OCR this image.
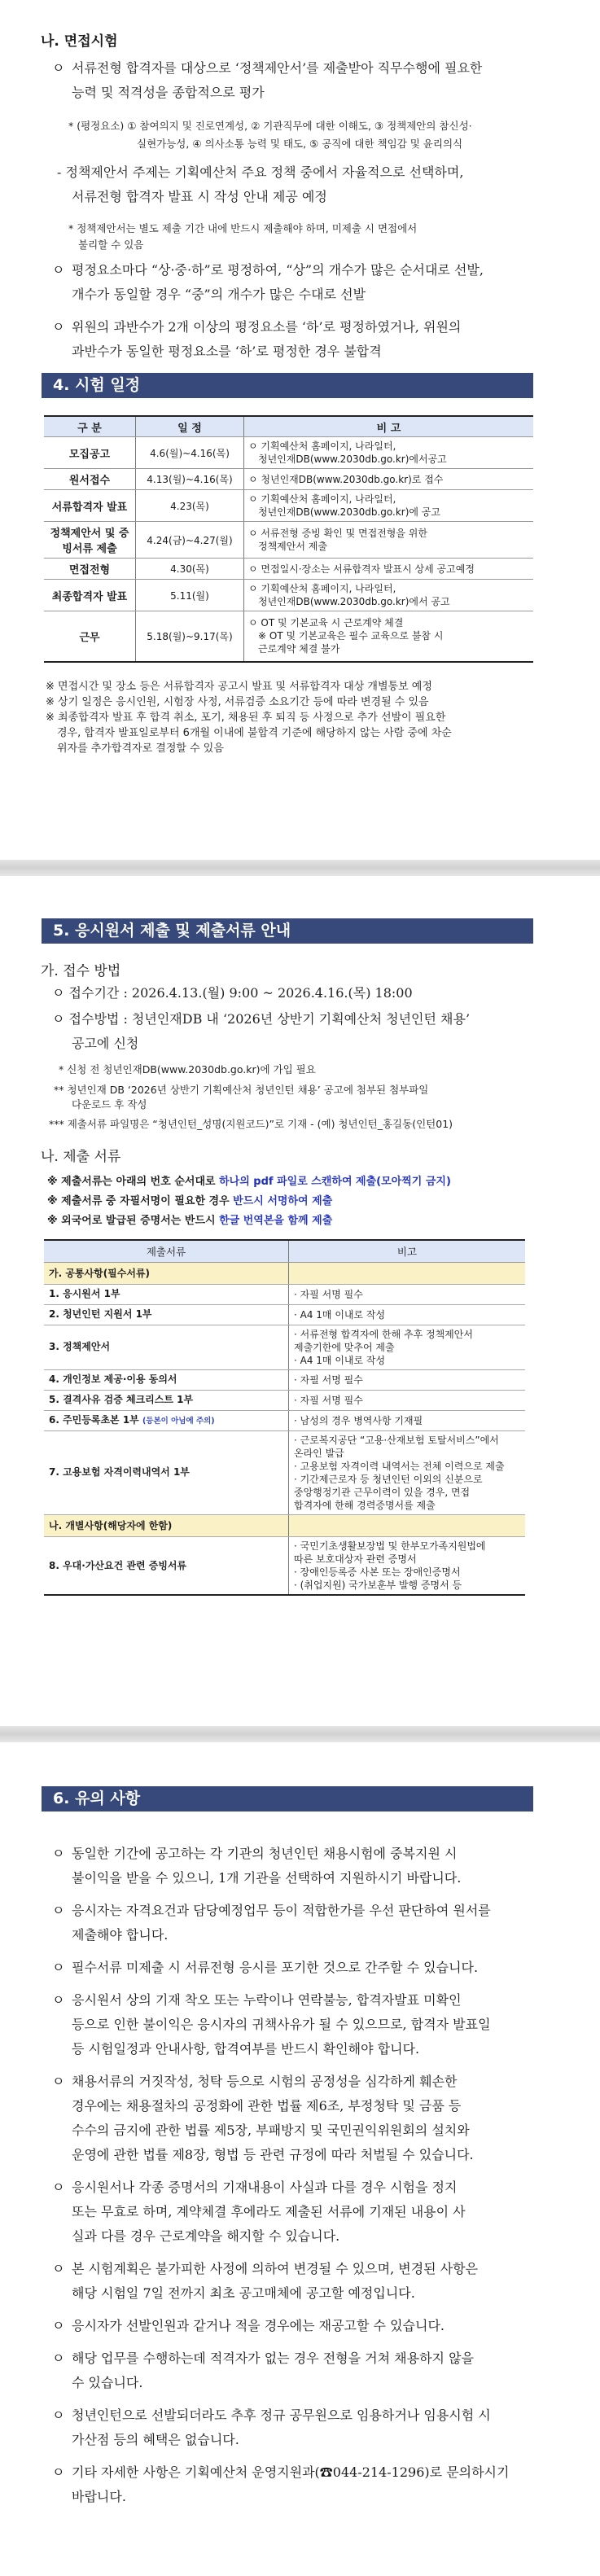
나. 면접시험
ㅇ 서류전형 합격자를 대상으로 ‘정책제안서’를 제출받아 직무수행에 필요한
능력 및 적격성을 종합적으로 평가
* (평정요소) ① 참여의지 및 진로연계성, ② 기관직무에 대한 이해도, ③ 정책제안의 참신성·
실현가능성, ④ 의사소통 능력 및 태도, ⑤ 공직에 대한 책임감 및 윤리의식
- 정책제안서 주제는 기획예산처 주요 정책 중에서 자율적으로 선택하며,
서류전형 합격자 발표 시 작성 안내 제공 예정
* 정책제안서는 별도 제출 기간 내에 반드시 제출해야 하며, 미제출 시 면접에서
불리할 수 있음
ㅇ 평정요소마다 “상·중·하”로 평정하여, “상”의 개수가 많은 순서대로 선발,
개수가 동일할 경우 “중”의 개수가 많은 수대로 선발
ㅇ 위원의 과반수가 2개 이상의 평정요소를 ‘하’로 평정하였거나, 위원의
과반수가 동일한 평정요소를 ‘하’로 평정한 경우 불합격
4. 시험 일정
구 분	일 정	비 고
모집공고	4.6(월)~4.16(목)	ㅇ 기획예산처 홈페이지, 나라일터,
청년인재DB(www.2030db.go.kr)에서공고

원서접수	4.13(월)~4.16(목)	ㅇ 청년인재DB(www.2030db.go.kr)로 접수

서류합격자 발표	4.23(목)	ㅇ 기획예산처 홈페이지, 나라일터,
청년인재DB(www.2030db.go.kr)에 공고

정책제안서 및 증빙서류 제출	4.24(금)~4.27(월)	ㅇ 서류전형 증빙 확인 및 면접전형을 위한
정책제안서 제출

면접전형	4.30(목)	ㅇ 면접일시·장소는 서류합격자 발표시 상세 공고예정

최종합격자 발표	5.11(월)	ㅇ 기획예산처 홈페이지, 나라일터,
청년인재DB(www.2030db.go.kr)에서 공고

근무	5.18(월)~9.17(목)	ㅇ OT 및 기본교육 시 근로계약 체결
※ OT 및 기본교육은 필수 교육으로 불참 시
근로계약 체결 불가
※ 면접시간 및 장소 등은 서류합격자 공고시 발표 및 서류합격자 대상 개별통보 예정
※ 상기 일정은 응시인원, 시험장 사정, 서류검증 소요기간 등에 따라 변경될 수 있음
※ 최종합격자 발표 후 합격 취소, 포기, 채용된 후 퇴직 등 사정으로 추가 선발이 필요한
경우, 합격자 발표일로부터 6개월 이내에 불합격 기준에 해당하지 않는 사람 중에 차순
위자를 추가합격자로 결정할 수 있음
5. 응시원서 제출 및 제출서류 안내
가. 접수 방법
ㅇ 접수기간 : 2026.4.13.(월) 9:00 ~ 2026.4.16.(목) 18:00
ㅇ 접수방법 : 청년인재DB 내 ‘2026년 상반기 기획예산처 청년인턴 채용’
공고에 신청
* 신청 전 청년인재DB(www.2030db.go.kr)에 가입 필요
** 청년인재 DB ‘2026년 상반기 기획예산처 청년인턴 채용’ 공고에 첨부된 첨부파일
다운로드 후 작성
*** 제출서류 파일명은 “청년인턴_성명(지원코드)”로 기재 - (예) 청년인턴_홍길동(인턴01)
나. 제출 서류
※ 제출서류는 아래의 번호 순서대로 하나의 pdf 파일로 스캔하여 제출(모아찍기 금지)
※ 제출서류 중 자필서명이 필요한 경우 반드시 서명하여 제출
※ 외국어로 발급된 증명서는 반드시 한글 번역본을 함께 제출
제출서류	비고
가. 공통사항(필수서류)	
1. 응시원서 1부	· 자필 서명 필수

2. 청년인턴 지원서 1부	· A4 1매 이내로 작성

3. 정책제안서	· 서류전형 합격자에 한해 추후 정책제안서
제출기한에 맞추어 제출
· A4 1매 이내로 작성

4. 개인정보 제공·이용 동의서	· 자필 서명 필수

5. 결격사유 검증 체크리스트 1부	· 자필 서명 필수

6. 주민등록초본 1부 (등본이 아님에 주의)	· 남성의 경우 병역사항 기재필

7. 고용보험 자격이력내역서 1부	
· 근로복지공단 “고용·산재보험 토탈서비스”에서
온라인 발급
· 고용보험 자격이력 내역서는 전체 이력으로 제출
· 기간제근로자 등 청년인턴 이외의 신분으로
중앙행정기관 근무이력이 있을 경우, 면접
합격자에 한해 경력증명서를 제출

나. 개별사항(해당자에 한함)	
8. 우대·가산요건 관련 증빙서류	· 국민기초생활보장법 및 한부모가족지원법에
따른 보호대상자 관련 증명서
· 장애인등록증 사본 또는 장애인증명서
· (취업지원) 국가보훈부 발행 증명서 등
6. 유의 사항
ㅇ 동일한 기간에 공고하는 각 기관의 청년인턴 채용시험에 중복지원 시
불이익을 받을 수 있으니, 1개 기관을 선택하여 지원하시기 바랍니다.
ㅇ 응시자는 자격요건과 담당예정업무 등이 적합한가를 우선 판단하여 원서를
제출해야 합니다.
ㅇ 필수서류 미제출 시 서류전형 응시를 포기한 것으로 간주할 수 있습니다.
ㅇ 응시원서 상의 기재 착오 또는 누락이나 연락불능, 합격자발표 미확인
등으로 인한 불이익은 응시자의 귀책사유가 될 수 있으므로, 합격자 발표일
등 시험일정과 안내사항, 합격여부를 반드시 확인해야 합니다.
ㅇ 채용서류의 거짓작성, 청탁 등으로 시험의 공정성을 심각하게 훼손한
경우에는 채용절차의 공정화에 관한 법률 제6조, 부정청탁 및 금품 등
수수의 금지에 관한 법률 제5장, 부패방지 및 국민권익위원회의 설치와
운영에 관한 법률 제8장, 형법 등 관련 규정에 따라 처벌될 수 있습니다.
ㅇ 응시원서나 각종 증명서의 기재내용이 사실과 다를 경우 시험을 정지
또는 무효로 하며, 계약체결 후에라도 제출된 서류에 기재된 내용이 사
실과 다를 경우 근로계약을 해지할 수 있습니다.
ㅇ 본 시험계획은 불가피한 사정에 의하여 변경될 수 있으며, 변경된 사항은
해당 시험일 7일 전까지 최초 공고매체에 공고할 예정입니다.
ㅇ 응시자가 선발인원과 같거나 적을 경우에는 재공고할 수 있습니다.
ㅇ 해당 업무를 수행하는데 적격자가 없는 경우 전형을 거쳐 채용하지 않을
수 있습니다.
ㅇ 청년인턴으로 선발되더라도 추후 정규 공무원으로 임용하거나 임용시험 시
가산점 등의 혜택은 없습니다.
ㅇ 기타 자세한 사항은 기획예산처 운영지원과(☎044-214-1296)로 문의하시기
바랍니다.
